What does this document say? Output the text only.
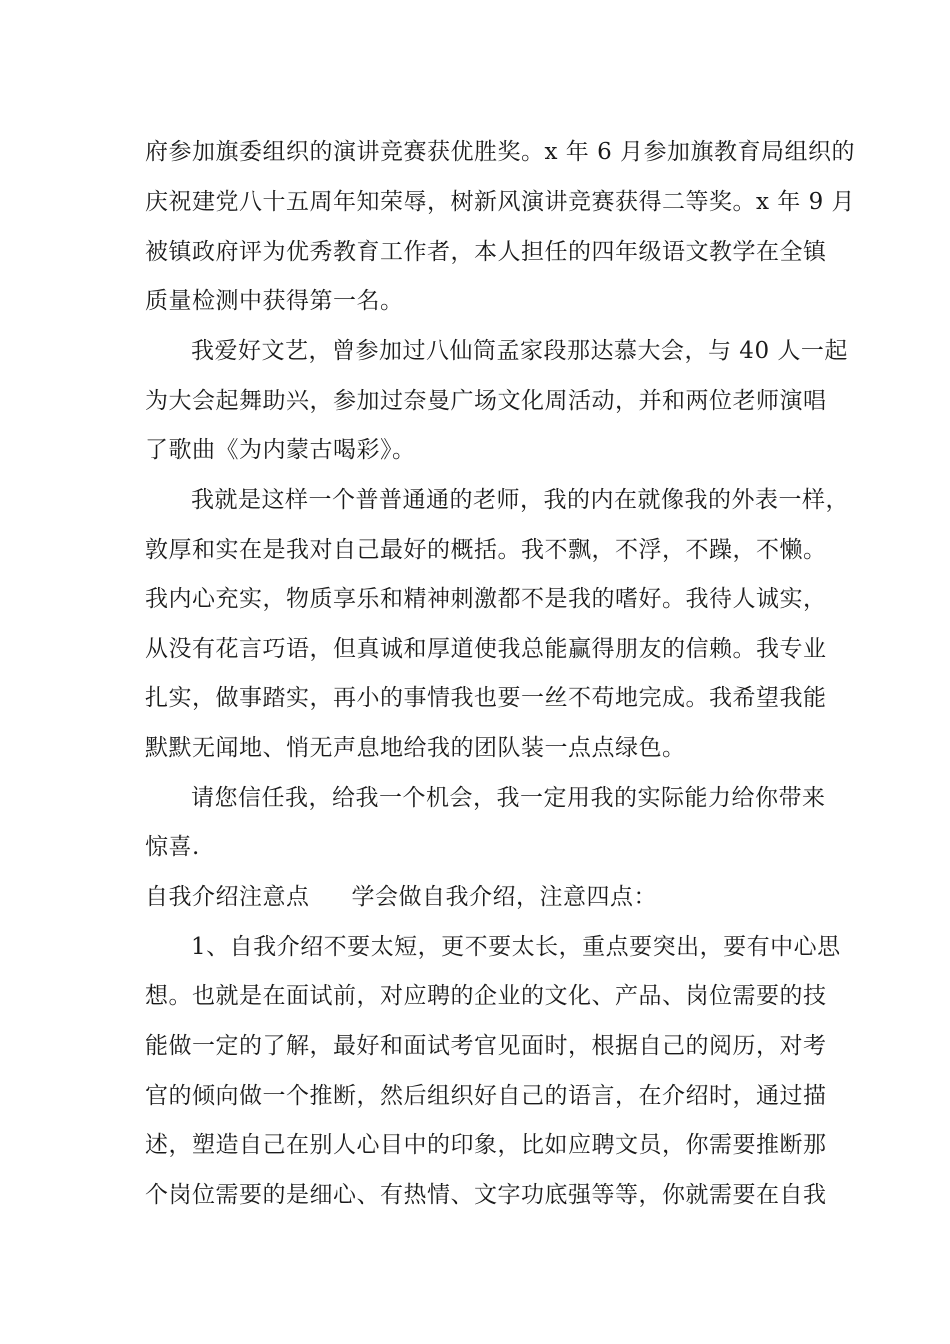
府参加旗委组织的演讲竞赛获优胜奖。x 年 6 月参加旗教育局组织的
庆祝建党八十五周年知荣辱，树新风演讲竞赛获得二等奖。x 年 9 月
被镇政府评为优秀教育工作者，本人担任的四年级语文教学在全镇
质量检测中获得第一名。
我爱好文艺，曾参加过八仙筒孟家段那达慕大会，与 40 人一起
为大会起舞助兴，参加过奈曼广场文化周活动，并和两位老师演唱
了歌曲《为内蒙古喝彩》。
我就是这样一个普普通通的老师，我的内在就像我的外表一样，
敦厚和实在是我对自己最好的概括。我不飘，不浮，不躁，不懒。
我内心充实，物质享乐和精神刺激都不是我的嗜好。我待人诚实，
从没有花言巧语，但真诚和厚道使我总能赢得朋友的信赖。我专业
扎实，做事踏实，再小的事情我也要一丝不苟地完成。我希望我能
默默无闻地、悄无声息地给我的团队装一点点绿色。
请您信任我，给我一个机会，我一定用我的实际能力给你带来
惊喜.
自我介绍注意点 学会做自我介绍，注意四点：
1、自我介绍不要太短，更不要太长，重点要突出，要有中心思
想。也就是在面试前，对应聘的企业的文化、产品、岗位需要的技
能做一定的了解，最好和面试考官见面时，根据自己的阅历，对考
官的倾向做一个推断，然后组织好自己的语言，在介绍时，通过描
述，塑造自己在别人心目中的印象，比如应聘文员，你需要推断那
个岗位需要的是细心、有热情、文字功底强等等，你就需要在自我
